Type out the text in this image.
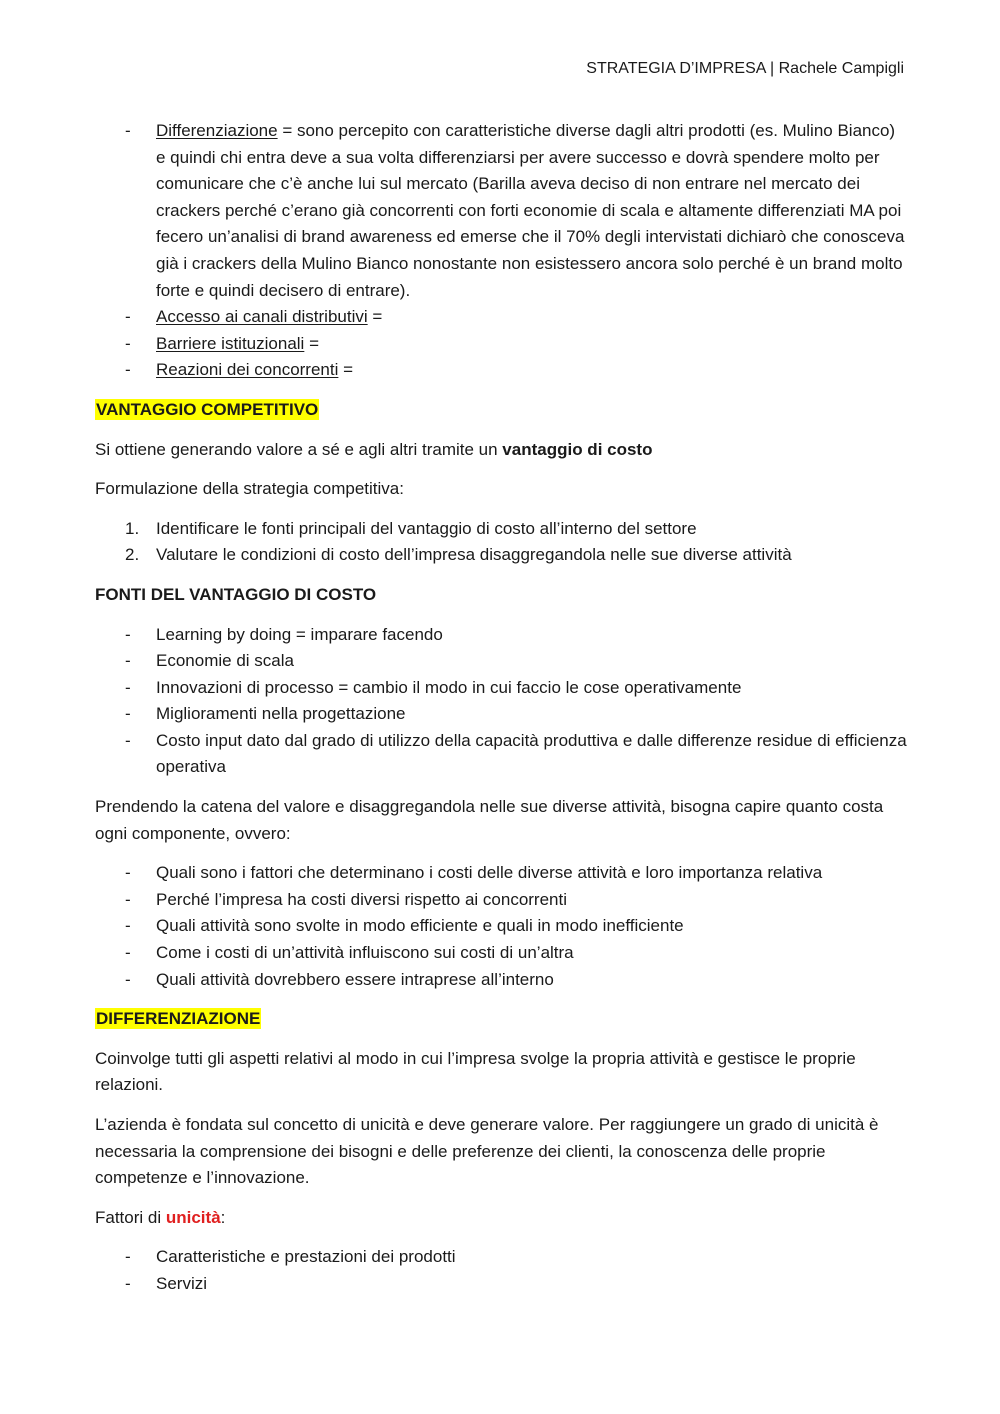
STRATEGIA D’IMPRESA | Rachele Campigli
- Differenziazione = sono percepito con caratteristiche diverse dagli altri prodotti (es. Mulino Bianco) e quindi chi entra deve a sua volta differenziarsi per avere successo e dovrà spendere molto per comunicare che c’è anche lui sul mercato (Barilla aveva deciso di non entrare nel mercato dei crackers perché c’erano già concorrenti con forti economie di scala e altamente differenziati MA poi fecero un’analisi di brand awareness ed emerse che il 70% degli intervistati dichiarò che conosceva già i crackers della Mulino Bianco nonostante non esistessero ancora solo perché è un brand molto forte e quindi decisero di entrare).
- Accesso ai canali distributivi =
- Barriere istituzionali =
- Reazioni dei concorrenti =

VANTAGGIO COMPETITIVO

Si ottiene generando valore a sé e agli altri tramite un vantaggio di costo

Formulazione della strategia competitiva:

1. Identificare le fonti principali del vantaggio di costo all’interno del settore
2. Valutare le condizioni di costo dell’impresa disaggregandola nelle sue diverse attività

FONTI DEL VANTAGGIO DI COSTO

- Learning by doing = imparare facendo
- Economie di scala
- Innovazioni di processo = cambio il modo in cui faccio le cose operativamente
- Miglioramenti nella progettazione
- Costo input dato dal grado di utilizzo della capacità produttiva e dalle differenze residue di efficienza operativa

Prendendo la catena del valore e disaggregandola nelle sue diverse attività, bisogna capire quanto costa ogni componente, ovvero:

- Quali sono i fattori che determinano i costi delle diverse attività e loro importanza relativa
- Perché l’impresa ha costi diversi rispetto ai concorrenti
- Quali attività sono svolte in modo efficiente e quali in modo inefficiente
- Come i costi di un’attività influiscono sui costi di un’altra
- Quali attività dovrebbero essere intraprese all’interno

DIFFERENZIAZIONE

Coinvolge tutti gli aspetti relativi al modo in cui l’impresa svolge la propria attività e gestisce le proprie relazioni.

L’azienda è fondata sul concetto di unicità e deve generare valore. Per raggiungere un grado di unicità è necessaria la comprensione dei bisogni e delle preferenze dei clienti, la conoscenza delle proprie competenze e l’innovazione.

Fattori di unicità:

- Caratteristiche e prestazioni dei prodotti
- Servizi
